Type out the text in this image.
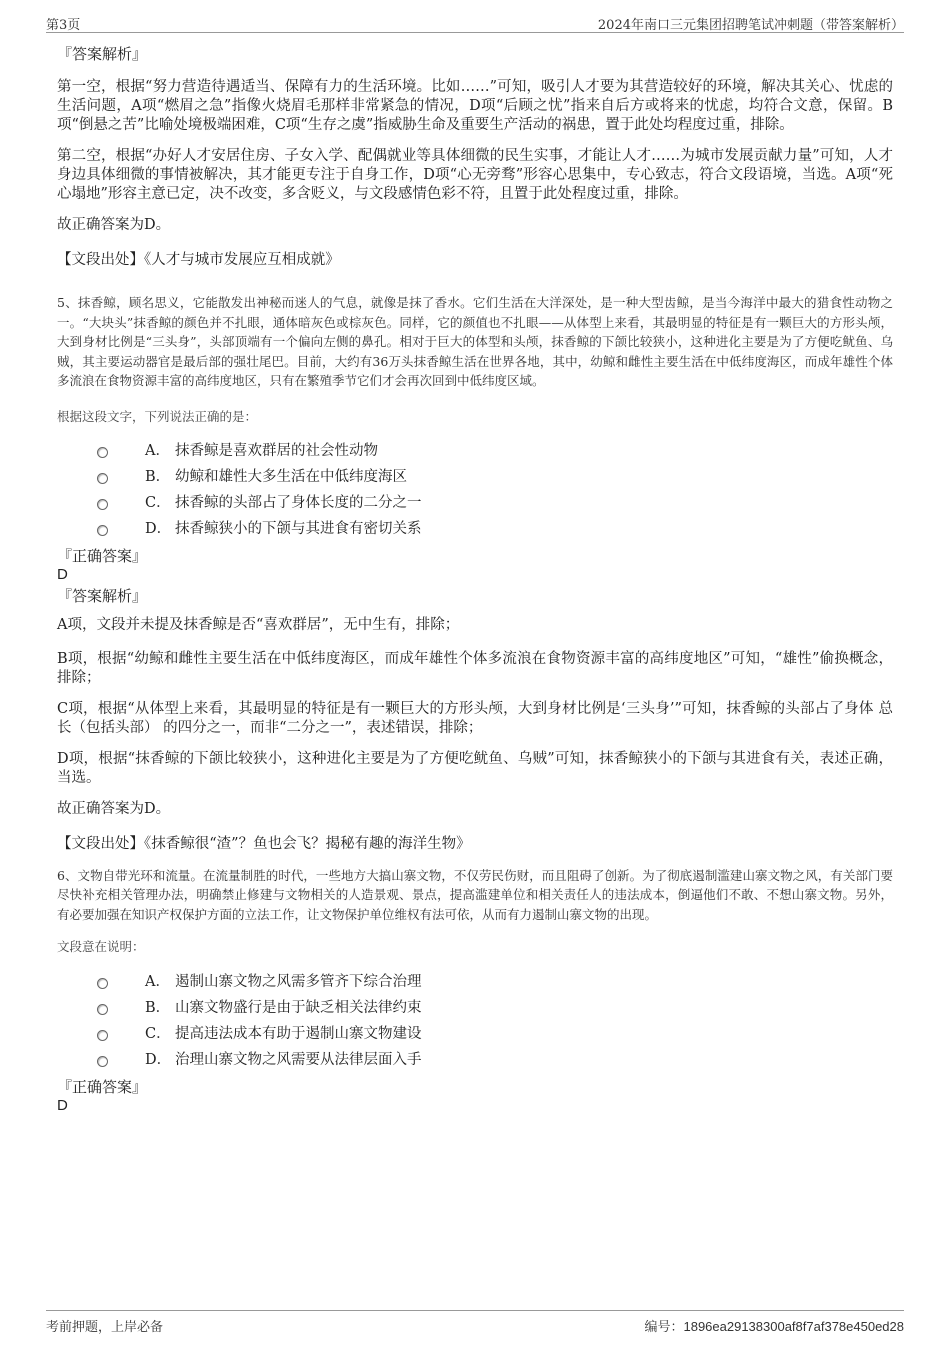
第3页	2024年南口三元集团招聘笔试冲刺题（带答案解析）

『答案解析』

第一空，根据“努力营造待遇适当、保障有力的生活环境。比如……”可知，吸引人才要为其营造较好的环境，解决其关心、忧虑的生活问题，A项“燃眉之急”指像火烧眉毛那样非常紧急的情况，D项“后顾之忧”指来自后方或将来的忧虑，均符合文意，保留。B项“倒悬之苦”比喻处境极端困难，C项“生存之虞”指威胁生命及重要生产活动的祸患，置于此处均程度过重，排除。

第二空，根据“办好人才安居住房、子女入学、配偶就业等具体细微的民生实事，才能让人才……为城市发展贡献力量”可知，人才身边具体细微的事情被解决，其才能更专注于自身工作，D项“心无旁骛”形容心思集中，专心致志，符合文段语境，当选。A项“死心塌地”形容主意已定，决不改变，多含贬义，与文段感情色彩不符，且置于此处程度过重，排除。

故正确答案为D。

【文段出处】《人才与城市发展应互相成就》

5、抹香鲸，顾名思义，它能散发出神秘而迷人的气息，就像是抹了香水。它们生活在大洋深处，是一种大型齿鲸，是当今海洋中最大的猎食性动物之一。“大块头”抹香鲸的颜色并不扎眼，通体暗灰色或棕灰色。同样，它的颜值也不扎眼——从体型上来看，其最明显的特征是有一颗巨大的方形头颅，大到身材比例是“三头身”，头部顶端有一个偏向左侧的鼻孔。相对于巨大的体型和头颅，抹香鲸的下颌比较狭小，这种进化主要是为了方便吃鱿鱼、乌贼，其主要运动器官是最后部的强壮尾巴。目前，大约有36万头抹香鲸生活在世界各地，其中，幼鲸和雌性主要生活在中低纬度海区，而成年雄性个体多流浪在食物资源丰富的高纬度地区，只有在繁殖季节它们才会再次回到中低纬度区域。

根据这段文字，下列说法正确的是：

A． 抹香鲸是喜欢群居的社会性动物
B． 幼鲸和雄性大多生活在中低纬度海区
C． 抹香鲸的头部占了身体长度的二分之一
D． 抹香鲸狭小的下颌与其进食有密切关系

『正确答案』

D

『答案解析』

A项，文段并未提及抹香鲸是否“喜欢群居”，无中生有，排除；

B项，根据“幼鲸和雌性主要生活在中低纬度海区，而成年雄性个体多流浪在食物资源丰富的高纬度地区”可知，“雄性”偷换概念，排除；

C项，根据“从体型上来看，其最明显的特征是有一颗巨大的方形头颅，大到身材比例是‘三头身’”可知，抹香鲸的头部占了身体 总长（包括头部） 的四分之一，而非“二分之一”，表述错误，排除；

D项，根据“抹香鲸的下颌比较狭小，这种进化主要是为了方便吃鱿鱼、乌贼”可知，抹香鲸狭小的下颌与其进食有关，表述正确，当选。

故正确答案为D。

【文段出处】《抹香鲸很“渣”？鱼也会飞？揭秘有趣的海洋生物》

6、文物自带光环和流量。在流量制胜的时代，一些地方大搞山寨文物，不仅劳民伤财，而且阻碍了创新。为了彻底遏制滥建山寨文物之风，有关部门要尽快补充相关管理办法，明确禁止修建与文物相关的人造景观、景点，提高滥建单位和相关责任人的违法成本，倒逼他们不敢、不想山寨文物。另外，有必要加强在知识产权保护方面的立法工作，让文物保护单位维权有法可依，从而有力遏制山寨文物的出现。

文段意在说明：

A． 遏制山寨文物之风需多管齐下综合治理
B． 山寨文物盛行是由于缺乏相关法律约束
C． 提高违法成本有助于遏制山寨文物建设
D． 治理山寨文物之风需要从法律层面入手

『正确答案』

D

考前押题，上岸必备	编号：1896ea29138300af8f7af378e450ed28
